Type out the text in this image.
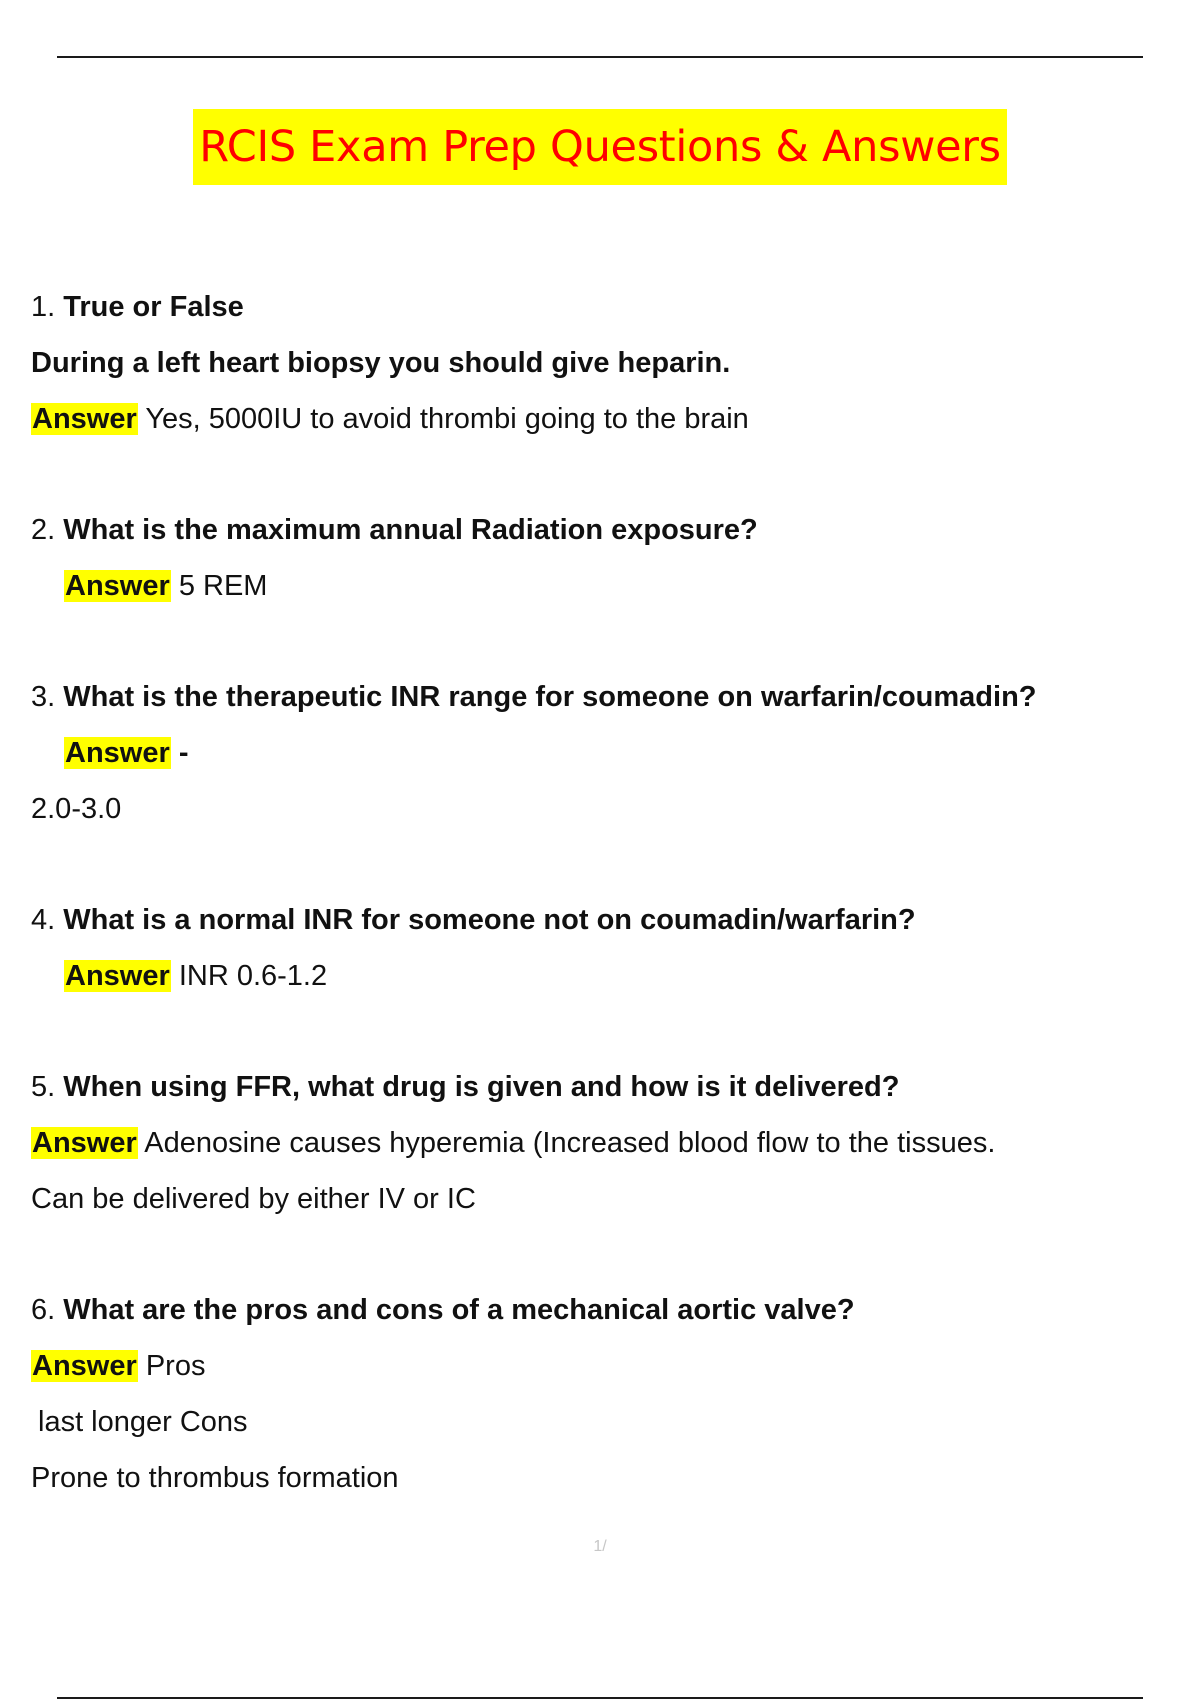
RCIS Exam Prep Questions & Answers
1. True or False
During a left heart biopsy you should give heparin.
Answer Yes, 5000IU to avoid thrombi going to the brain
2. What is the maximum annual Radiation exposure?
Answer 5 REM
3. What is the therapeutic INR range for someone on warfarin/coumadin?
Answer -
2.0-3.0
4. What is a normal INR for someone not on coumadin/warfarin?
Answer INR 0.6-1.2
5. When using FFR, what drug is given and how is it delivered?
Answer Adenosine causes hyperemia (Increased blood flow to the tissues.
Can be delivered by either IV or IC
6. What are the pros and cons of a mechanical aortic valve?
Answer Pros
last longer Cons
Prone to thrombus formation
1/
